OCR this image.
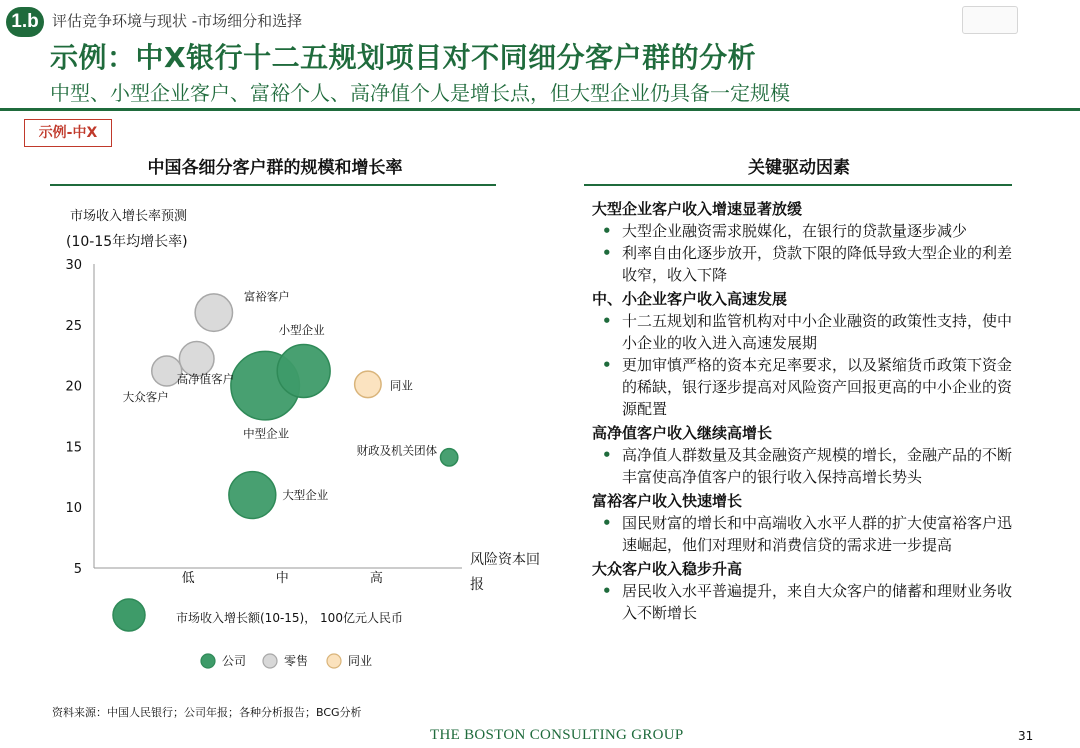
1.b 评估竞争环境与现状 -市场细分和选择
示例：中X银行十二五规划项目对不同细分客户群的分析
中型、小型企业客户、富裕个人、高净值个人是增长点，但大型企业仍具备一定规模
示例-中X
中国各细分客户群的规模和增长率
市场收入增长率预测
(10-15年均增长率)
5
10
15
20
25
30
低	中	高
富裕客户
高净值客户
大众客户
中型企业
小型企业
同业
财政及机关团体
大型企业
公司	零售	同业
风险资本回报
市场收入增长额(10-15)， 100亿元人民币
关键驱动因素
大型企业客户收入增速显著放缓
• 大型企业融资需求脱媒化，在银行的贷款量逐步减少
• 利率自由化逐步放开，贷款下限的降低导致大型企业的利差收窄，收入下降
中、小企业客户收入高速发展
• 十二五规划和监管机构对中小企业融资的政策性支持，使中小企业的收入进入高速发展期
• 更加审慎严格的资本充足率要求，以及紧缩货币政策下资金的稀缺，银行逐步提高对风险资产回报更高的中小企业的资源配置
高净值客户收入继续高增长
• 高净值人群数量及其金融资产规模的增长，金融产品的不断丰富使高净值客户的银行收入保持高增长势头
富裕客户收入快速增长
• 国民财富的增长和中高端收入水平人群的扩大使富裕客户迅速崛起，他们对理财和消费信贷的需求进一步提高
大众客户收入稳步升高
• 居民收入水平普遍提升，来自大众客户的储蓄和理财业务收入不断增长
资料来源：中国人民银行；公司年报；各种分析报告；BCG分析
THE BOSTON CONSULTING GROUP	31
